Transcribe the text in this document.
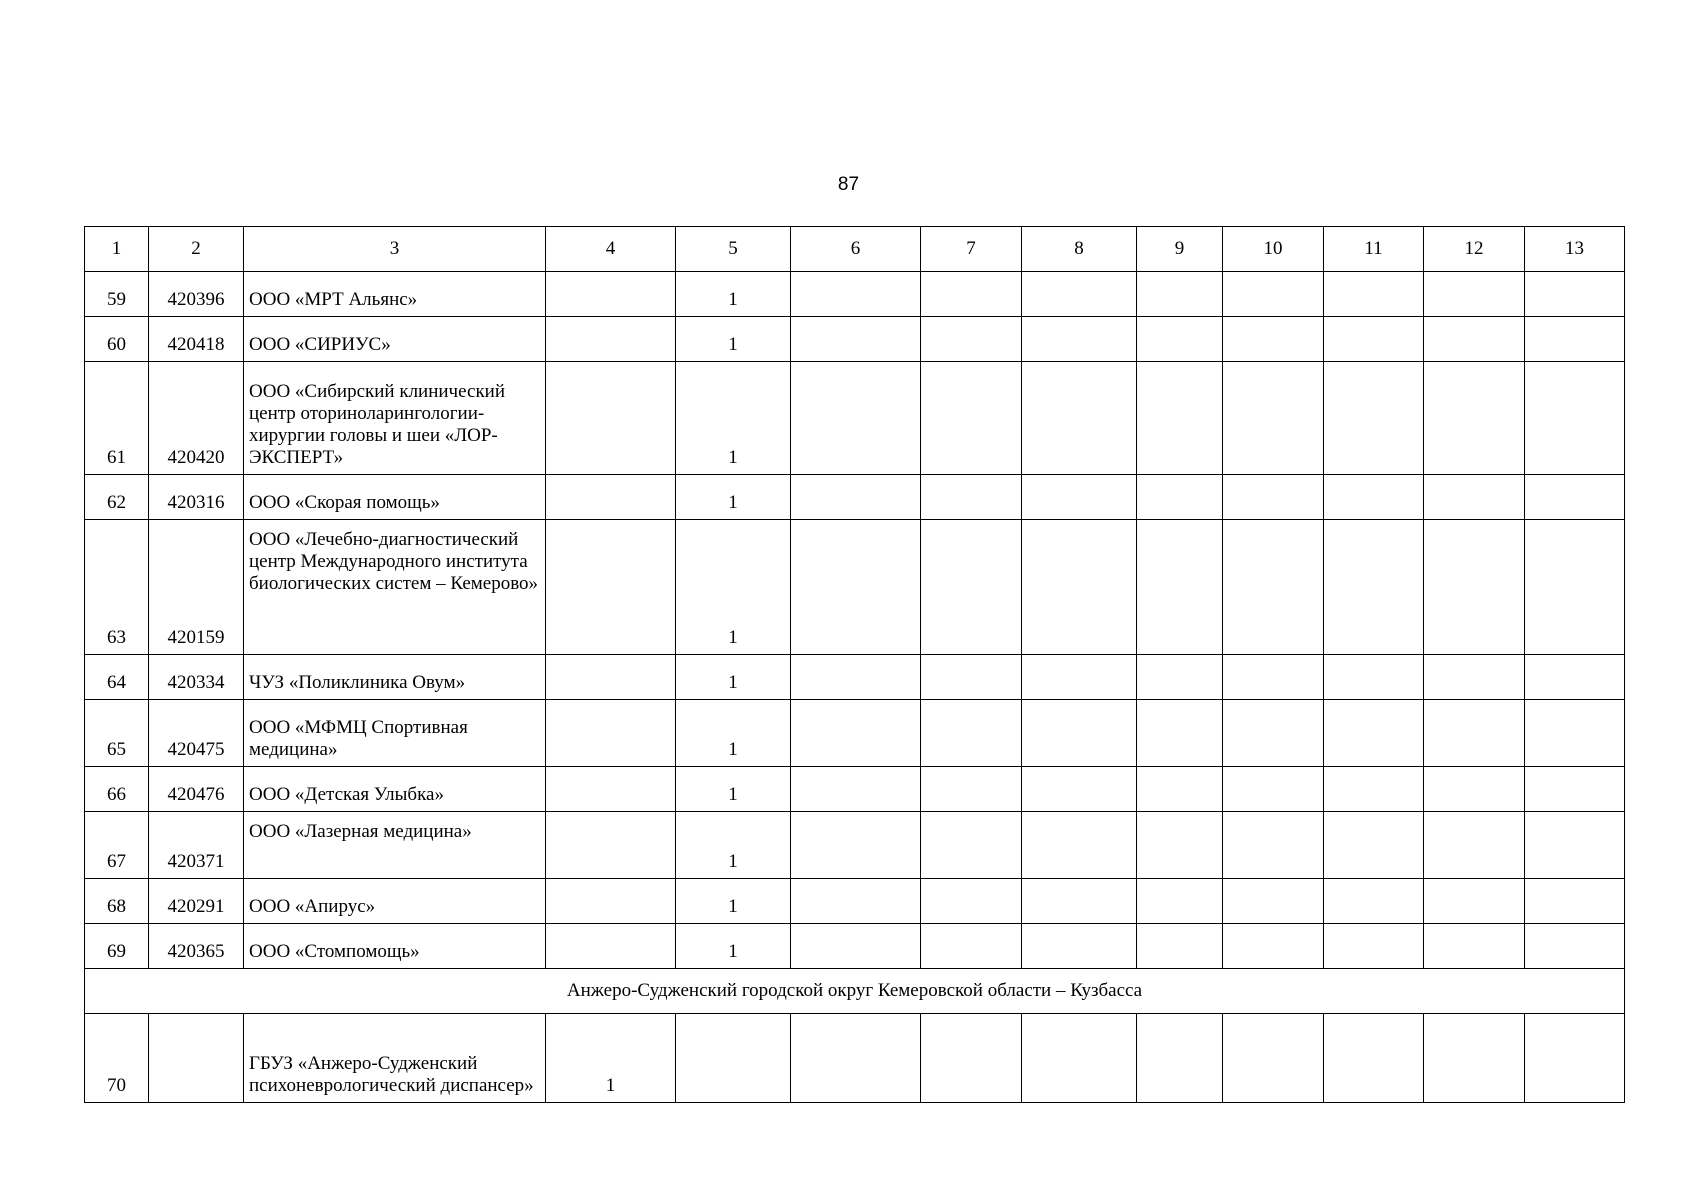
87
1	2	3	4	5	6	7	8	9	10	11	12	13
59	420396	ООО «МРТ Альянс»		1								
60	420418	ООО «СИРИУС»		1								
61	420420	ООО «Сибирский клинический центр оториноларингологии-хирургии головы и шеи «ЛОР-ЭКСПЕРТ»		1								
62	420316	ООО «Скорая помощь»		1								
63	420159	ООО «Лечебно-диагностический центр Международного института биологических систем – Кемерово»		1								
64	420334	ЧУЗ «Поликлиника Овум»		1								
65	420475	ООО «МФМЦ Спортивная медицина»		1								
66	420476	ООО «Детская Улыбка»		1								
67	420371	ООО «Лазерная медицина»		1								
68	420291	ООО «Апирус»		1								
69	420365	ООО «Стомпомощь»		1								
Анжеро-Судженский городской округ Кемеровской области – Кузбасса												
70		ГБУЗ «Анжеро-Судженский психоневрологический диспансер»	1									
